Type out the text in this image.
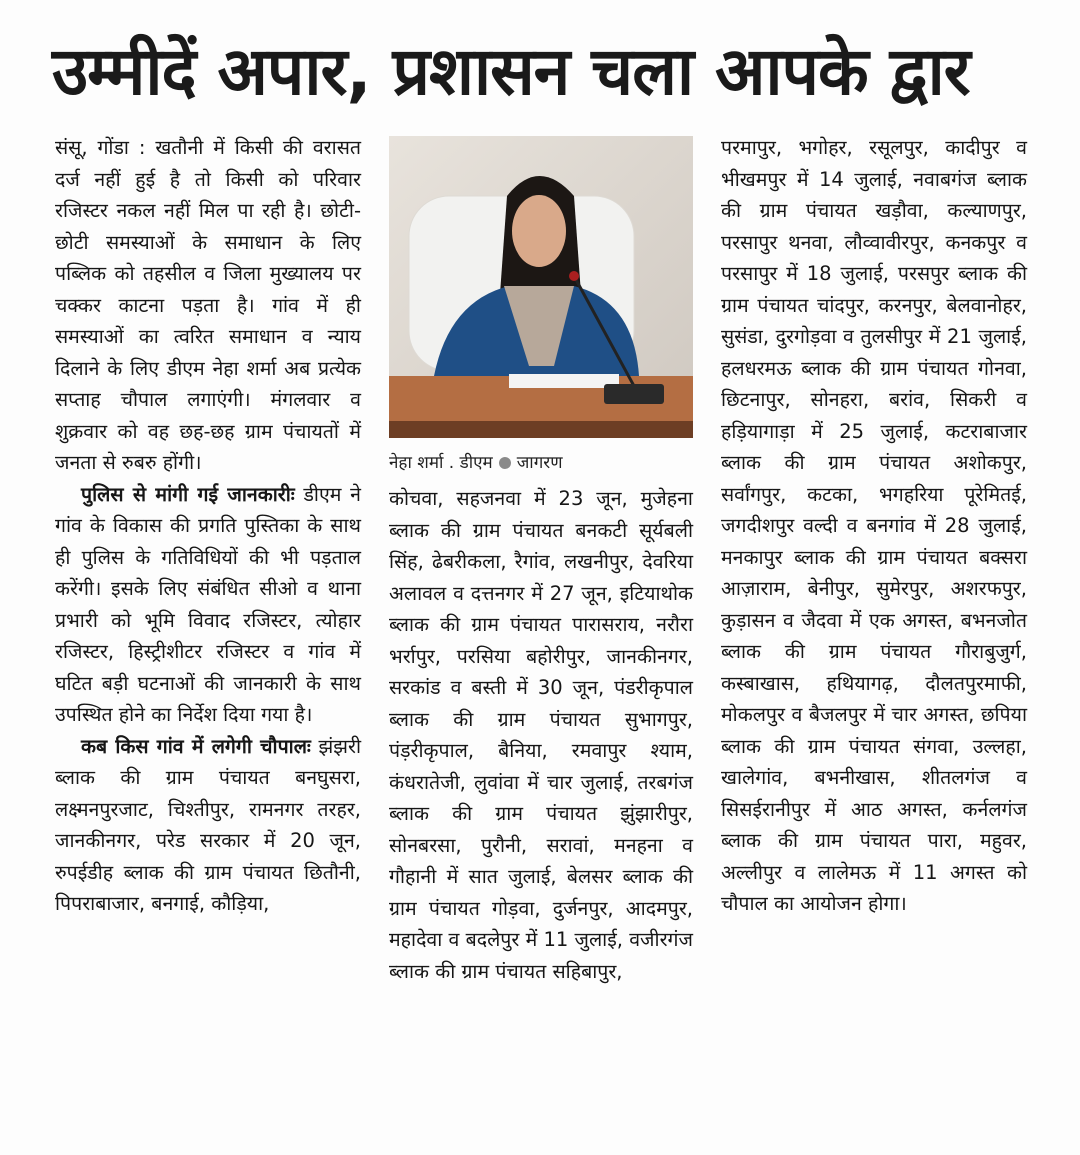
उम्मीदें अपार, प्रशासन चला आपके द्वार

संसू, गोंडा : खतौनी में किसी की वरासत दर्ज नहीं हुई है तो किसी को परिवार रजिस्टर नकल नहीं मिल पा रही है। छोटी-छोटी समस्याओं के समाधान के लिए पब्लिक को तहसील व जिला मुख्यालय पर चक्कर काटना पड़ता है। गांव में ही समस्याओं का त्वरित समाधान व न्याय दिलाने के लिए डीएम नेहा शर्मा अब प्रत्येक सप्ताह चौपाल लगाएंगी। मंगलवार व शुक्रवार को वह छह-छह ग्राम पंचायतों में जनता से रुबरु होंगी।

पुलिस से मांगी गई जानकारीः डीएम ने गांव के विकास की प्रगति पुस्तिका के साथ ही पुलिस के गतिविधियों की भी पड़ताल करेंगी। इसके लिए संबंधित सीओ व थाना प्रभारी को भूमि विवाद रजिस्टर, त्योहार रजिस्टर, हिस्ट्रीशीटर रजिस्टर व गांव में घटित बड़ी घटनाओं की जानकारी के साथ उपस्थित होने का निर्देश दिया गया है।

कब किस गांव में लगेगी चौपालः झंझरी ब्लाक की ग्राम पंचायत बनघुसरा, लक्ष्मनपुरजाट, चिश्तीपुर, रामनगर तरहर, जानकीनगर, परेड सरकार में 20 जून, रुपईडीह ब्लाक की ग्राम पंचायत छितौनी, पिपराबाजार, बनगाई, कौड़िया,

नेहा शर्मा . डीएम जागरण

कोचवा, सहजनवा में 23 जून, मुजेहना ब्लाक की ग्राम पंचायत बनकटी सूर्यबली सिंह, ढेबरीकला, रैगांव, लखनीपुर, देवरिया अलावल व दत्तनगर में 27 जून, इटियाथोक ब्लाक की ग्राम पंचायत पारासराय, नरौरा भर्रापुर, परसिया बहोरीपुर, जानकीनगर, सरकांड व बस्ती में 30 जून, पंडरीकृपाल ब्लाक की ग्राम पंचायत सुभागपुर, पंड़रीकृपाल, बैनिया, रमवापुर श्याम, कंधरातेजी, लुवांवा में चार जुलाई, तरबगंज ब्लाक की ग्राम पंचायत झुंझारीपुर, सोनबरसा, पुरौनी, सरावां, मनहना व गौहानी में सात जुलाई, बेलसर ब्लाक की ग्राम पंचायत गोड़वा, दुर्जनपुर, आदमपुर, महादेवा व बदलेपुर में 11 जुलाई, वजीरगंज ब्लाक की ग्राम पंचायत सहिबापुर,

परमापुर, भगोहर, रसूलपुर, कादीपुर व भीखमपुर में 14 जुलाई, नवाबगंज ब्लाक की ग्राम पंचायत खड़ौवा, कल्याणपुर, परसापुर थनवा, लौव्वावीरपुर, कनकपुर व परसापुर में 18 जुलाई, परसपुर ब्लाक की ग्राम पंचायत चांदपुर, करनपुर, बेलवानोहर, सुसंडा, दुरगोड़वा व तुलसीपुर में 21 जुलाई, हलधरमऊ ब्लाक की ग्राम पंचायत गोनवा, छिटनापुर, सोनहरा, बरांव, सिकरी व हड़ियागाड़ा में 25 जुलाई, कटराबाजार ब्लाक की ग्राम पंचायत अशोकपुर, सर्वांगपुर, कटका, भगहरिया पूरेमितई, जगदीशपुर वल्दी व बनगांव में 28 जुलाई, मनकापुर ब्लाक की ग्राम पंचायत बक्सरा आज़ाराम, बेनीपुर, सुमेरपुर, अशरफपुर, कुड़ासन व जैदवा में एक अगस्त, बभनजोत ब्लाक की ग्राम पंचायत गौराबुजुर्ग, कस्बाखास, हथियागढ़, दौलतपुरमाफी, मोकलपुर व बैजलपुर में चार अगस्त, छपिया ब्लाक की ग्राम पंचायत संगवा, उल्लहा, खालेगांव, बभनीखास, शीतलगंज व सिसईरानीपुर में आठ अगस्त, कर्नलगंज ब्लाक की ग्राम पंचायत पारा, महुवर, अल्लीपुर व लालेमऊ में 11 अगस्त को चौपाल का आयोजन होगा।
